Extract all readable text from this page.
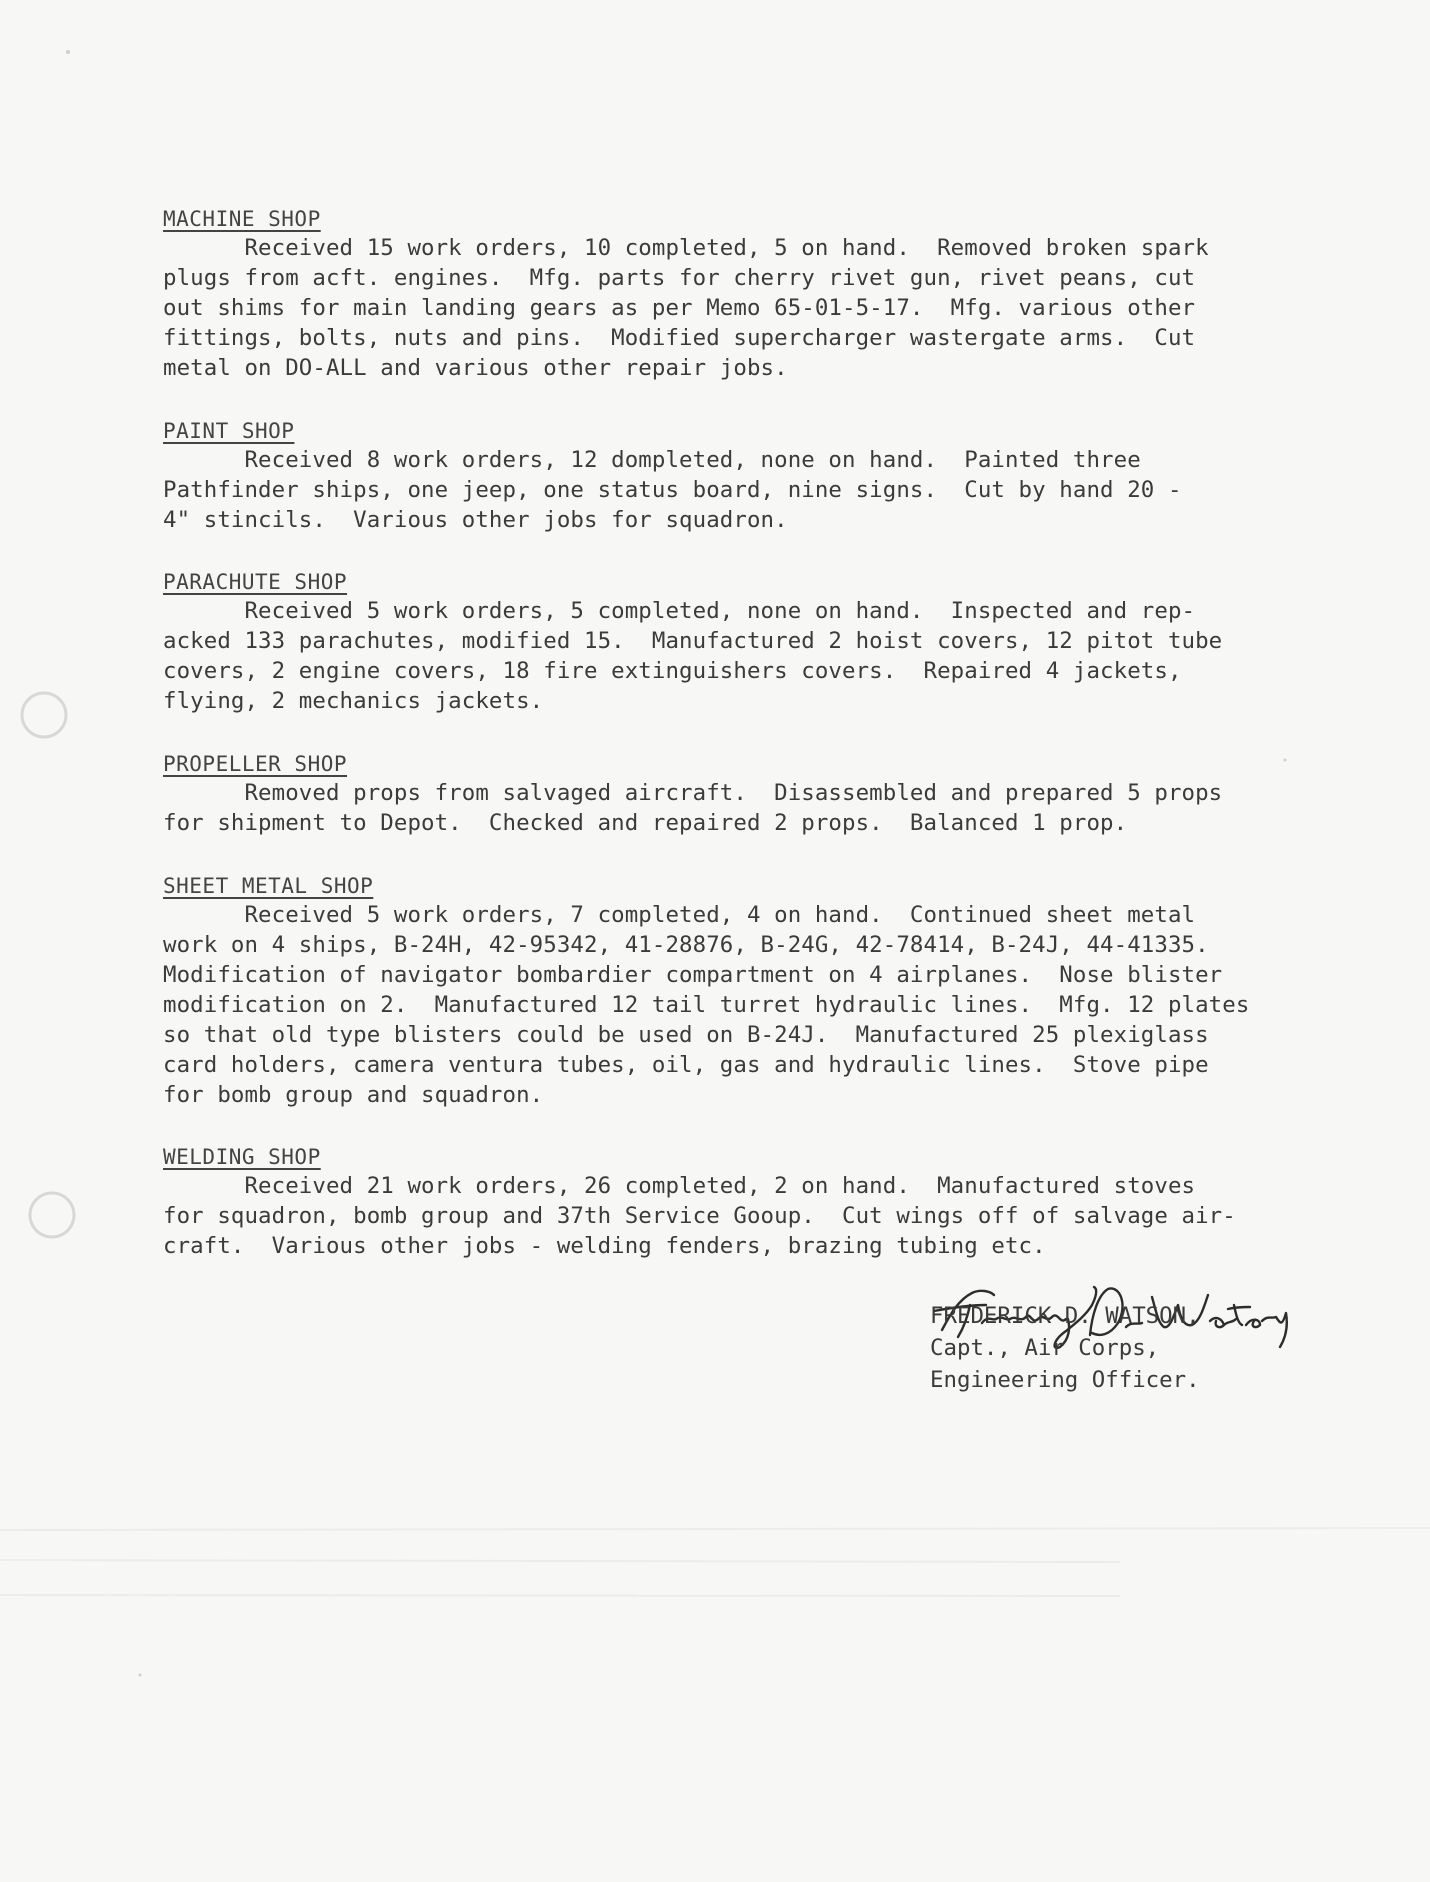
MACHINE SHOP
Received 15 work orders, 10 completed, 5 on hand.  Removed broken spark
plugs from acft. engines.  Mfg. parts for cherry rivet gun, rivet peans, cut
out shims for main landing gears as per Memo 65-01-5-17.  Mfg. various other
fittings, bolts, nuts and pins.  Modified supercharger wastergate arms.  Cut
metal on DO-ALL and various other repair jobs.
PAINT SHOP
Received 8 work orders, 12 dompleted, none on hand.  Painted three
Pathfinder ships, one jeep, one status board, nine signs.  Cut by hand 20 -
4" stincils.  Various other jobs for squadron.
PARACHUTE SHOP
Received 5 work orders, 5 completed, none on hand.  Inspected and rep-
acked 133 parachutes, modified 15.  Manufactured 2 hoist covers, 12 pitot tube
covers, 2 engine covers, 18 fire extinguishers covers.  Repaired 4 jackets,
flying, 2 mechanics jackets.
PROPELLER SHOP
Removed props from salvaged aircraft.  Disassembled and prepared 5 props
for shipment to Depot.  Checked and repaired 2 props.  Balanced 1 prop.
SHEET METAL SHOP
Received 5 work orders, 7 completed, 4 on hand.  Continued sheet metal
work on 4 ships, B-24H, 42-95342, 41-28876, B-24G, 42-78414, B-24J, 44-41335.
Modification of navigator bombardier compartment on 4 airplanes.  Nose blister
modification on 2.  Manufactured 12 tail turret hydraulic lines.  Mfg. 12 plates
so that old type blisters could be used on B-24J.  Manufactured 25 plexiglass
card holders, camera ventura tubes, oil, gas and hydraulic lines.  Stove pipe
for bomb group and squadron.
WELDING SHOP
Received 21 work orders, 26 completed, 2 on hand.  Manufactured stoves
for squadron, bomb group and 37th Service Gooup.  Cut wings off of salvage air-
craft.  Various other jobs - welding fenders, brazing tubing etc.
FREDERICK D. WATSON,
Capt., Air Corps,
Engineering Officer.
